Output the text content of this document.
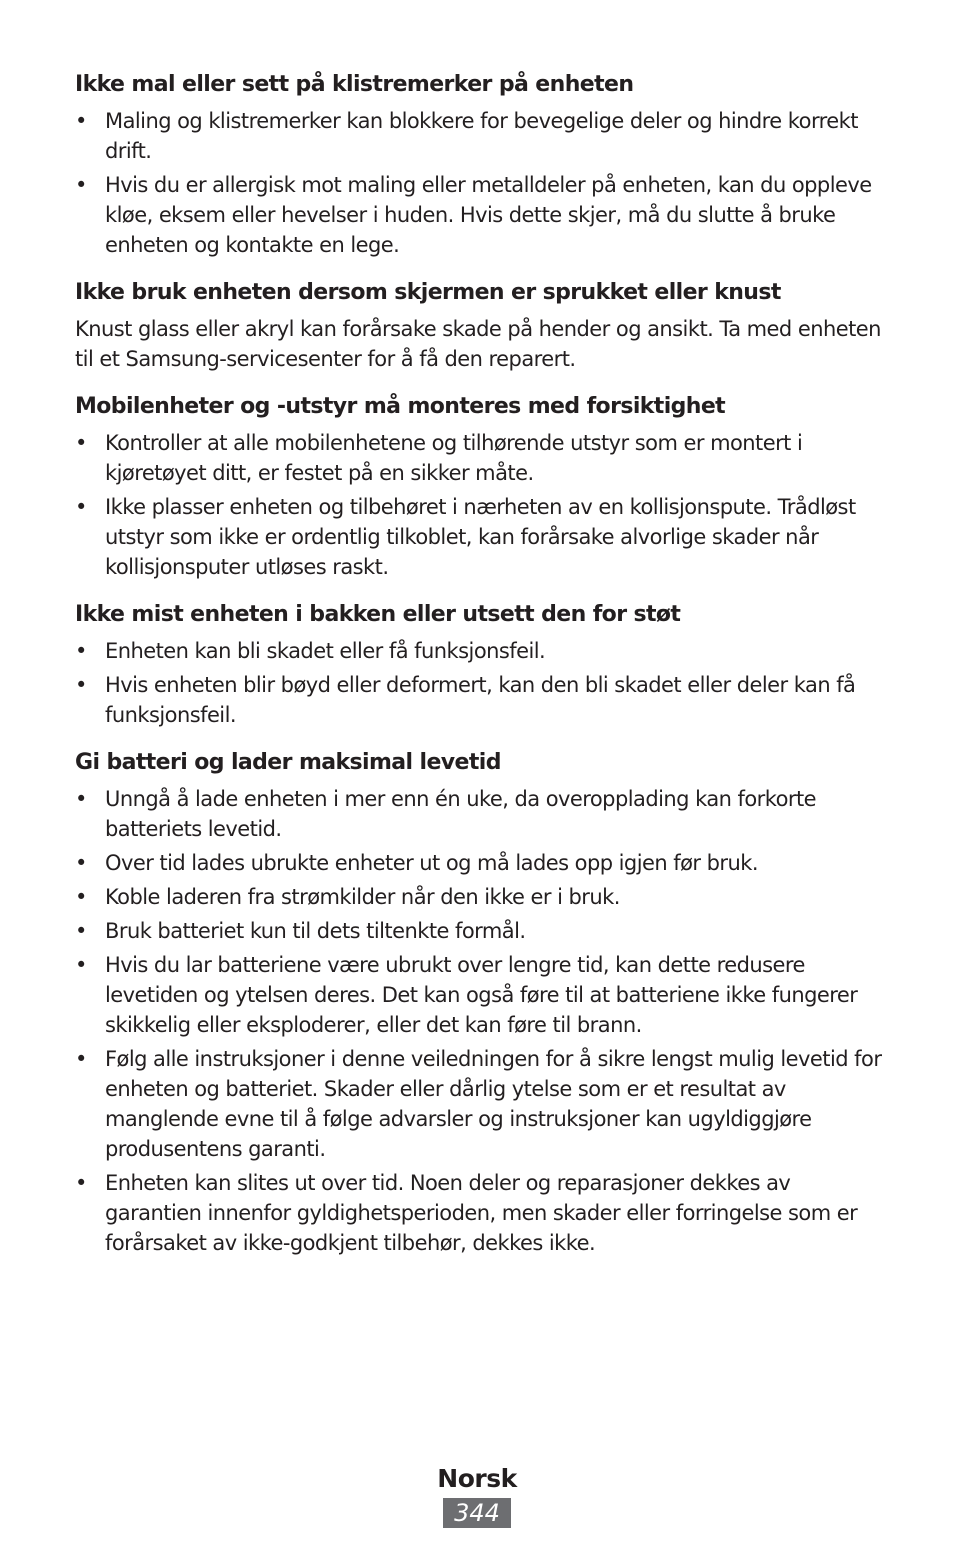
Ikke mal eller sett på klistremerker på enheten
• Maling og klistremerker kan blokkere for bevegelige deler og hindre korrekt drift.
• Hvis du er allergisk mot maling eller metalldeler på enheten, kan du oppleve kløe, eksem eller hevelser i huden. Hvis dette skjer, må du slutte å bruke enheten og kontakte en lege.
Ikke bruk enheten dersom skjermen er sprukket eller knust

Knust glass eller akryl kan forårsake skade på hender og ansikt. Ta med enheten til et Samsung-servicesenter for å få den reparert.

Mobilenheter og -utstyr må monteres med forsiktighet
• Kontroller at alle mobilenhetene og tilhørende utstyr som er montert i kjøretøyet ditt, er festet på en sikker måte.
• Ikke plasser enheten og tilbehøret i nærheten av en kollisjonspute. Trådløst utstyr som ikke er ordentlig tilkoblet, kan forårsake alvorlige skader når kollisjonsputer utløses raskt.
Ikke mist enheten i bakken eller utsett den for støt
• Enheten kan bli skadet eller få funksjonsfeil.
• Hvis enheten blir bøyd eller deformert, kan den bli skadet eller deler kan få funksjonsfeil.
Gi batteri og lader maksimal levetid
• Unngå å lade enheten i mer enn én uke, da overopplading kan forkorte batteriets levetid.
• Over tid lades ubrukte enheter ut og må lades opp igjen før bruk.
• Koble laderen fra strømkilder når den ikke er i bruk.
• Bruk batteriet kun til dets tiltenkte formål.
• Hvis du lar batteriene være ubrukt over lengre tid, kan dette redusere levetiden og ytelsen deres. Det kan også føre til at batteriene ikke fungerer skikkelig eller eksploderer, eller det kan føre til brann.
• Følg alle instruksjoner i denne veiledningen for å sikre lengst mulig levetid for enheten og batteriet. Skader eller dårlig ytelse som er et resultat av manglende evne til å følge advarsler og instruksjoner kan ugyldiggjøre produsentens garanti.
• Enheten kan slites ut over tid. Noen deler og reparasjoner dekkes av garantien innenfor gyldighetsperioden, men skader eller forringelse som er forårsaket av ikke-godkjent tilbehør, dekkes ikke.
Norsk
344
